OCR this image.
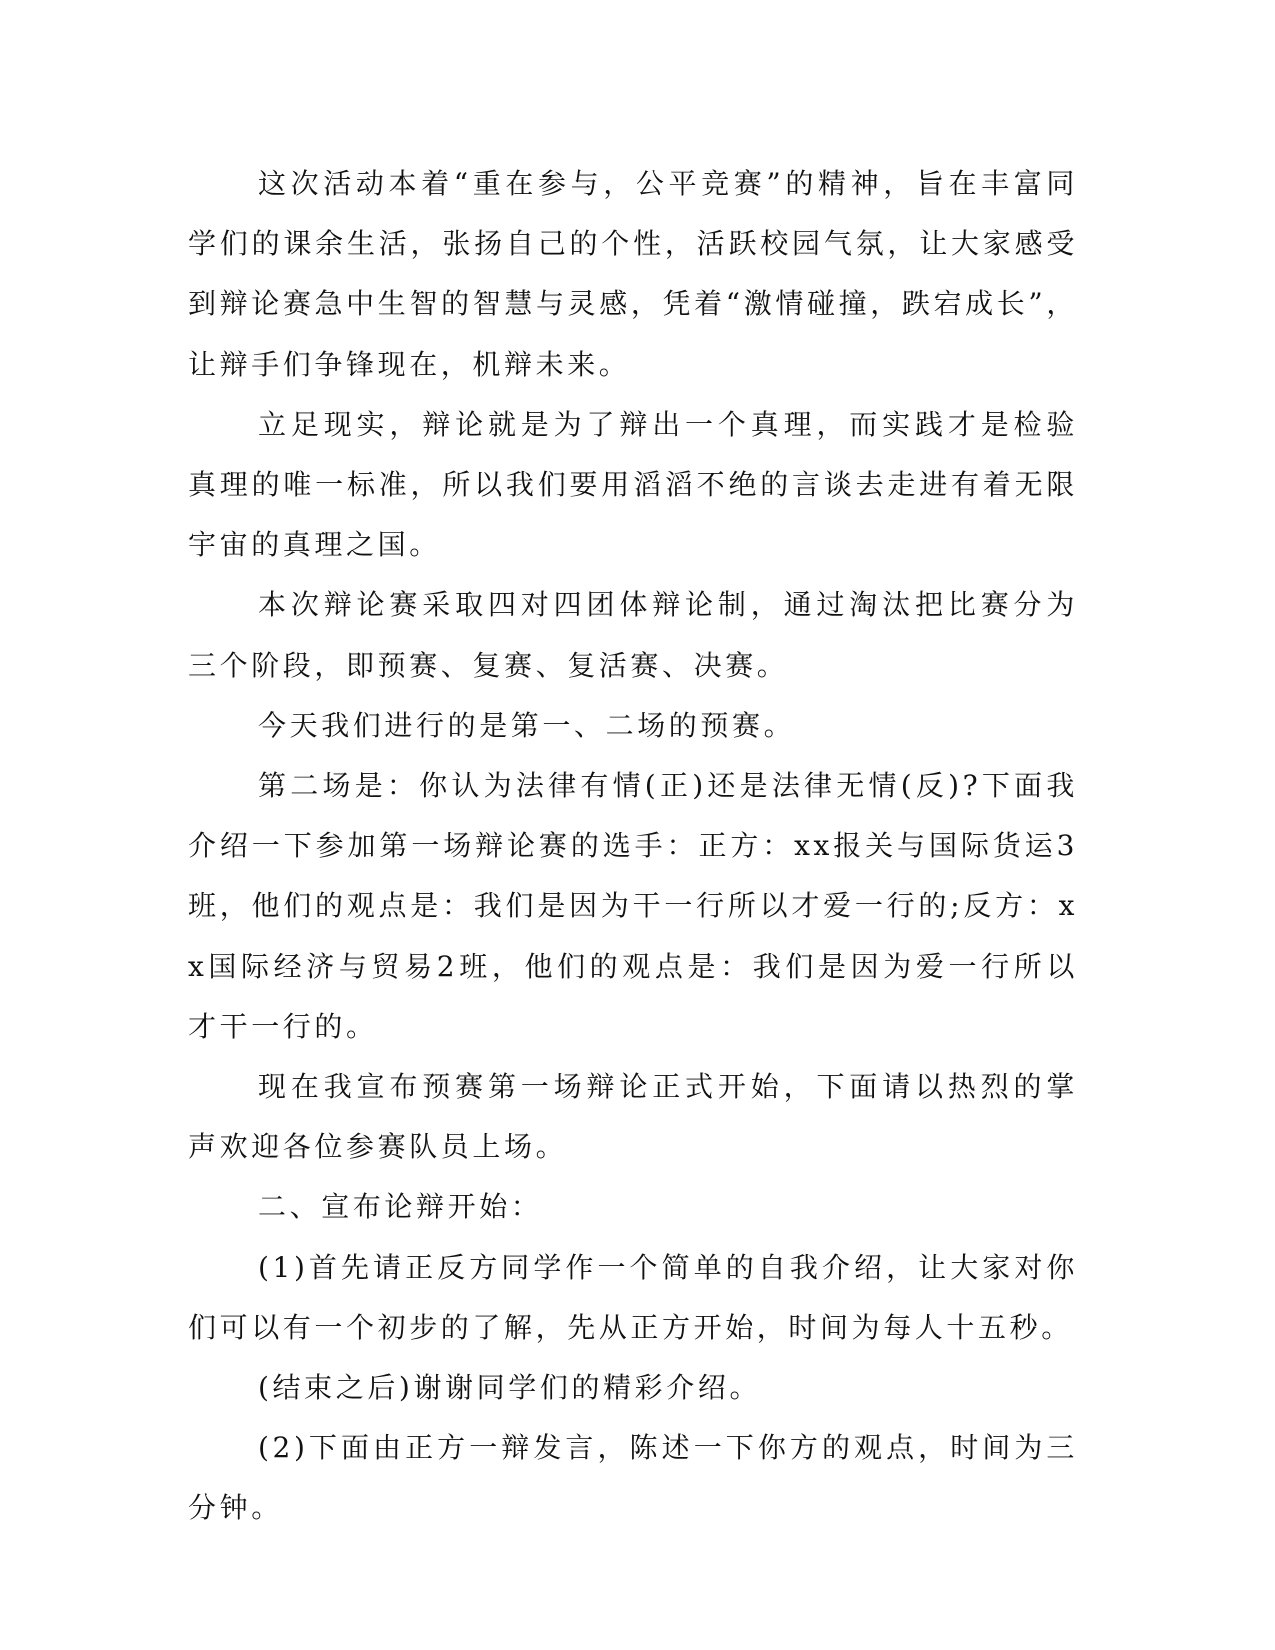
这次活动本着“重在参与，公平竞赛”的精神，旨在丰富同学们的课余生活，张扬自己的个性，活跃校园气氛，让大家感受到辩论赛急中生智的智慧与灵感，凭着“激情碰撞，跌宕成长”，让辩手们争锋现在，机辩未来。

立足现实，辩论就是为了辩出一个真理，而实践才是检验真理的唯一标准，所以我们要用滔滔不绝的言谈去走进有着无限宇宙的真理之国。

本次辩论赛采取四对四团体辩论制，通过淘汰把比赛分为三个阶段，即预赛、复赛、复活赛、决赛。

今天我们进行的是第一、二场的预赛。

第二场是：你认为法律有情(正)还是法律无情(反)?下面我介绍一下参加第一场辩论赛的选手：正方：xx报关与国际货运3班，他们的观点是：我们是因为干一行所以才爱一行的;反方：xx国际经济与贸易2班，他们的观点是：我们是因为爱一行所以才干一行的。

现在我宣布预赛第一场辩论正式开始，下面请以热烈的掌声欢迎各位参赛队员上场。

二、宣布论辩开始：

(1)首先请正反方同学作一个简单的自我介绍，让大家对你们可以有一个初步的了解，先从正方开始，时间为每人十五秒。

(结束之后)谢谢同学们的精彩介绍。

(2)下面由正方一辩发言，陈述一下你方的观点，时间为三分钟。
